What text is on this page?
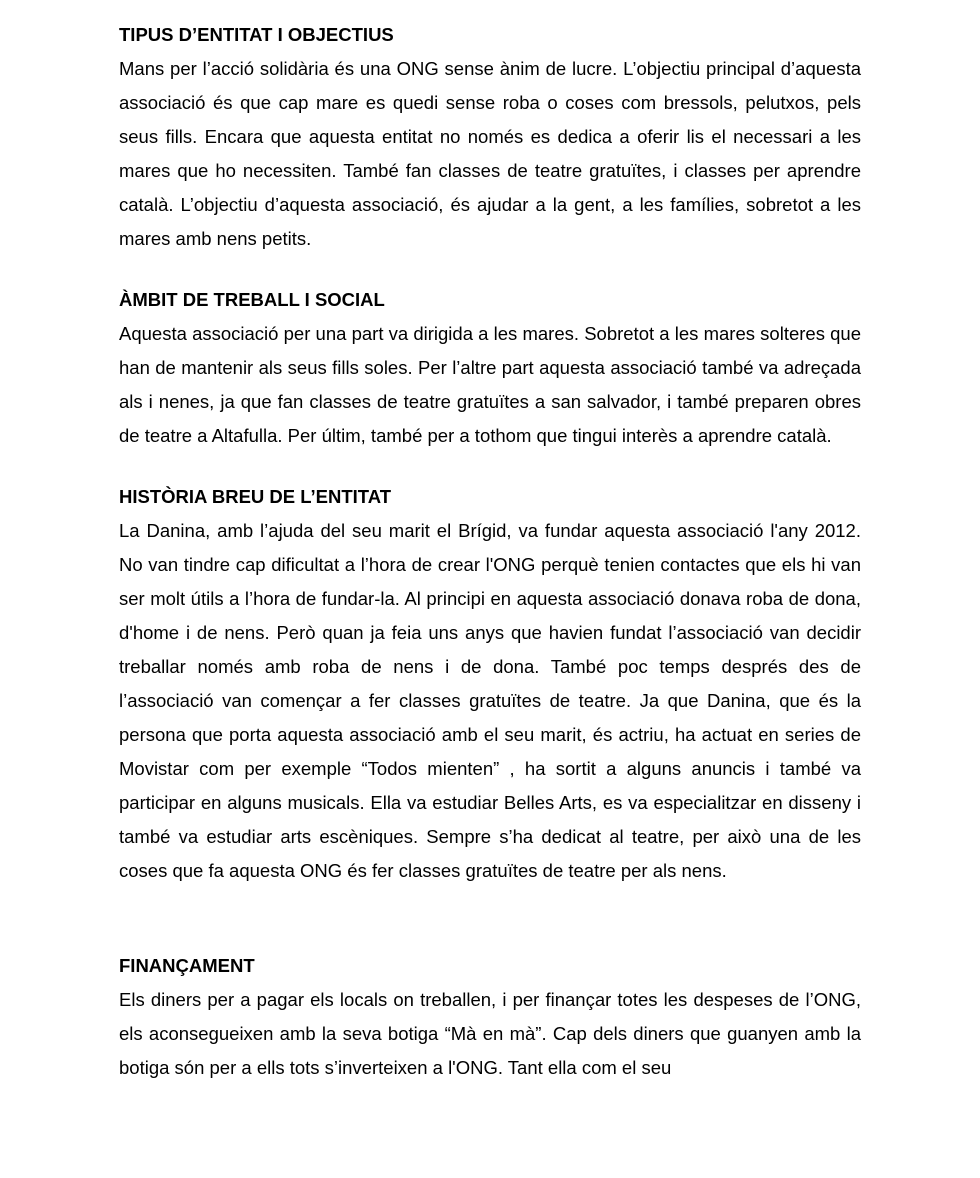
TIPUS D’ENTITAT I OBJECTIUS

Mans per l’acció solidària és una ONG sense ànim de lucre. L’objectiu principal d’aquesta associació és que cap mare es quedi sense roba o coses com bressols, pelutxos, pels seus fills. Encara que aquesta entitat no només es dedica a oferir lis el necessari a les mares que ho necessiten. També fan classes de teatre gratuïtes, i classes per aprendre català. L’objectiu d’aquesta associació, és ajudar a la gent, a les famílies, sobretot a les mares amb nens petits.

ÀMBIT DE TREBALL I SOCIAL

Aquesta associació per una part va dirigida a les mares. Sobretot a les mares solteres que han de mantenir als seus fills soles. Per l’altre part aquesta associació també va adreçada als i nenes, ja que fan classes de teatre gratuïtes a san salvador, i també preparen obres de teatre a Altafulla. Per últim, també per a tothom que tingui interès a aprendre català.

HISTÒRIA BREU DE L’ENTITAT

La Danina, amb l’ajuda del seu marit el Brígid, va fundar aquesta associació l'any 2012. No van tindre cap dificultat a l’hora de crear l'ONG perquè tenien contactes que els hi van ser molt útils a l’hora de fundar-la. Al principi en aquesta associació donava roba de dona, d'home i de nens. Però quan ja feia uns anys que havien fundat l’associació van decidir treballar només amb roba de nens i de dona. També poc temps després des de l’associació van començar a fer classes gratuïtes de teatre. Ja que Danina, que és la persona que porta aquesta associació amb el seu marit, és actriu, ha actuat en series de Movistar com per exemple “Todos mienten” , ha sortit a alguns anuncis i també va participar en alguns musicals. Ella va estudiar Belles Arts, es va especialitzar en disseny i també va estudiar arts escèniques. Sempre s’ha dedicat al teatre, per això una de les coses que fa aquesta ONG és fer classes gratuïtes de teatre per als nens.

FINANÇAMENT

Els diners per a pagar els locals on treballen, i per finançar totes les despeses de l’ONG, els aconsegueixen amb la seva botiga “Mà en mà”. Cap dels diners que guanyen amb la botiga són per a ells tots s’inverteixen a l'ONG. Tant ella com el seu
